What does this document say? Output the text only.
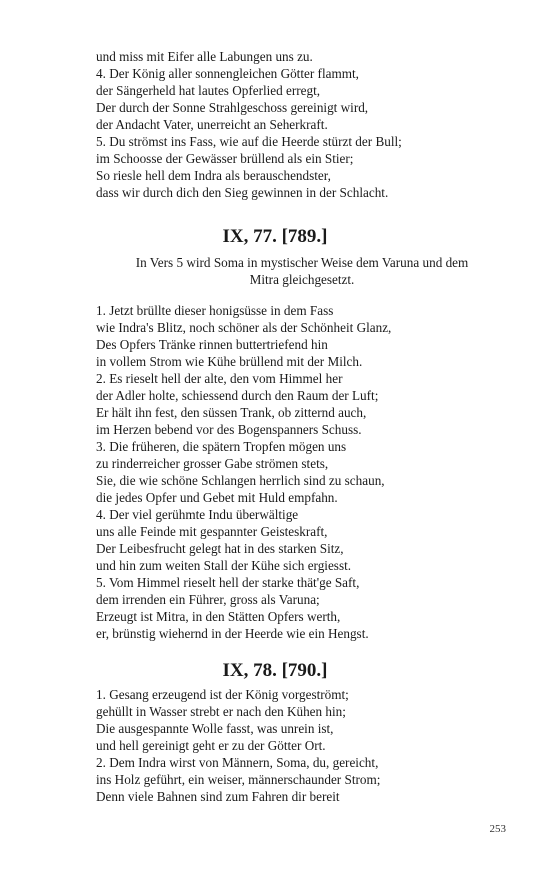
und miss mit Eifer alle Labungen uns zu.
4. Der König aller sonnengleichen Götter flammt,
der Sängerheld hat lautes Opferlied erregt,
Der durch der Sonne Strahlgeschoss gereinigt wird,
der Andacht Vater, unerreicht an Seherkraft.
5. Du strömst ins Fass, wie auf die Heerde stürzt der Bull;
im Schoosse der Gewässer brüllend als ein Stier;
So riesle hell dem Indra als berauschendster,
dass wir durch dich den Sieg gewinnen in der Schlacht.
IX, 77. [789.]
In Vers 5 wird Soma in mystischer Weise dem Varuna und dem
Mitra gleichgesetzt.
1. Jetzt brüllte dieser honigsüsse in dem Fass
wie Indra's Blitz, noch schöner als der Schönheit Glanz,
Des Opfers Tränke rinnen buttertriefend hin
in vollem Strom wie Kühe brüllend mit der Milch.
2. Es rieselt hell der alte, den vom Himmel her
der Adler holte, schiessend durch den Raum der Luft;
Er hält ihn fest, den süssen Trank, ob zitternd auch,
im Herzen bebend vor des Bogenspanners Schuss.
3. Die früheren, die spätern Tropfen mögen uns
zu rinderreicher grosser Gabe strömen stets,
Sie, die wie schöne Schlangen herrlich sind zu schaun,
die jedes Opfer und Gebet mit Huld empfahn.
4. Der viel gerühmte Indu überwältige
uns alle Feinde mit gespannter Geisteskraft,
Der Leibesfrucht gelegt hat in des starken Sitz,
und hin zum weiten Stall der Kühe sich ergiesst.
5. Vom Himmel rieselt hell der starke thät'ge Saft,
dem irrenden ein Führer, gross als Varuna;
Erzeugt ist Mitra, in den Stätten Opfers werth,
er, brünstig wiehernd in der Heerde wie ein Hengst.
IX, 78. [790.]
1. Gesang erzeugend ist der König vorgeströmt;
gehüllt in Wasser strebt er nach den Kühen hin;
Die ausgespannte Wolle fasst, was unrein ist,
und hell gereinigt geht er zu der Götter Ort.
2. Dem Indra wirst von Männern, Soma, du, gereicht,
ins Holz geführt, ein weiser, männerschaunder Strom;
Denn viele Bahnen sind zum Fahren dir bereit
253
